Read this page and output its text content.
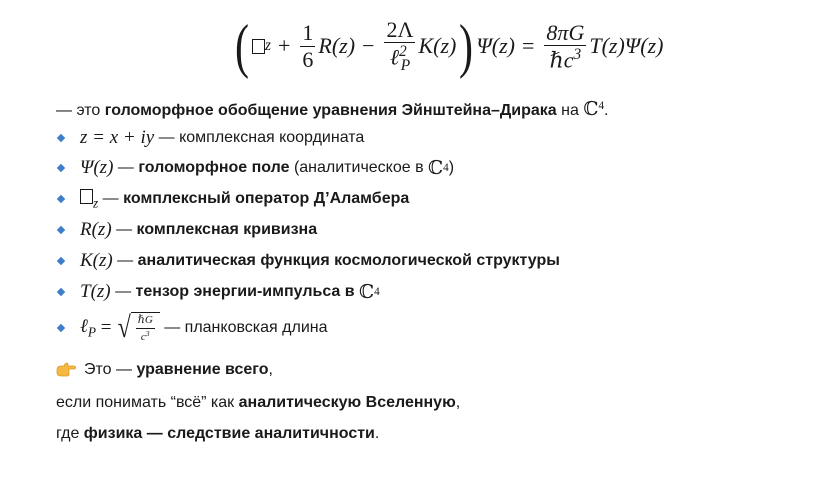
( $z + \frac{1}{6} R(z) - \frac{2\Lambda}{\ell^2_P} K(z)$ ) $\Psi(z) = \frac{8\pi G}{\hbar c^3} T(z)\Psi(z)$
— это голоморфное обобщение уравнения Эйнштейна–Дирака на ℂ$^4$.
z = x + iy — комплексная координата
Ψ(z) — голоморфное поле (аналитическое в ℂ 4 )
$_z$ — комплексный оператор Д’Аламбера
R(z) — комплексная кривизна
K(z) — аналитическая функция космологической структуры
T(z) — тензор энергии-импульса в ℂ 4
ℓ$_P$ = √ $\frac{\text{ℏG}}{c^3}$ — планковская длина
Это — уравнение всего,
если понимать “всё” как аналитическую Вселенную,
где физика — следствие аналитичности.
